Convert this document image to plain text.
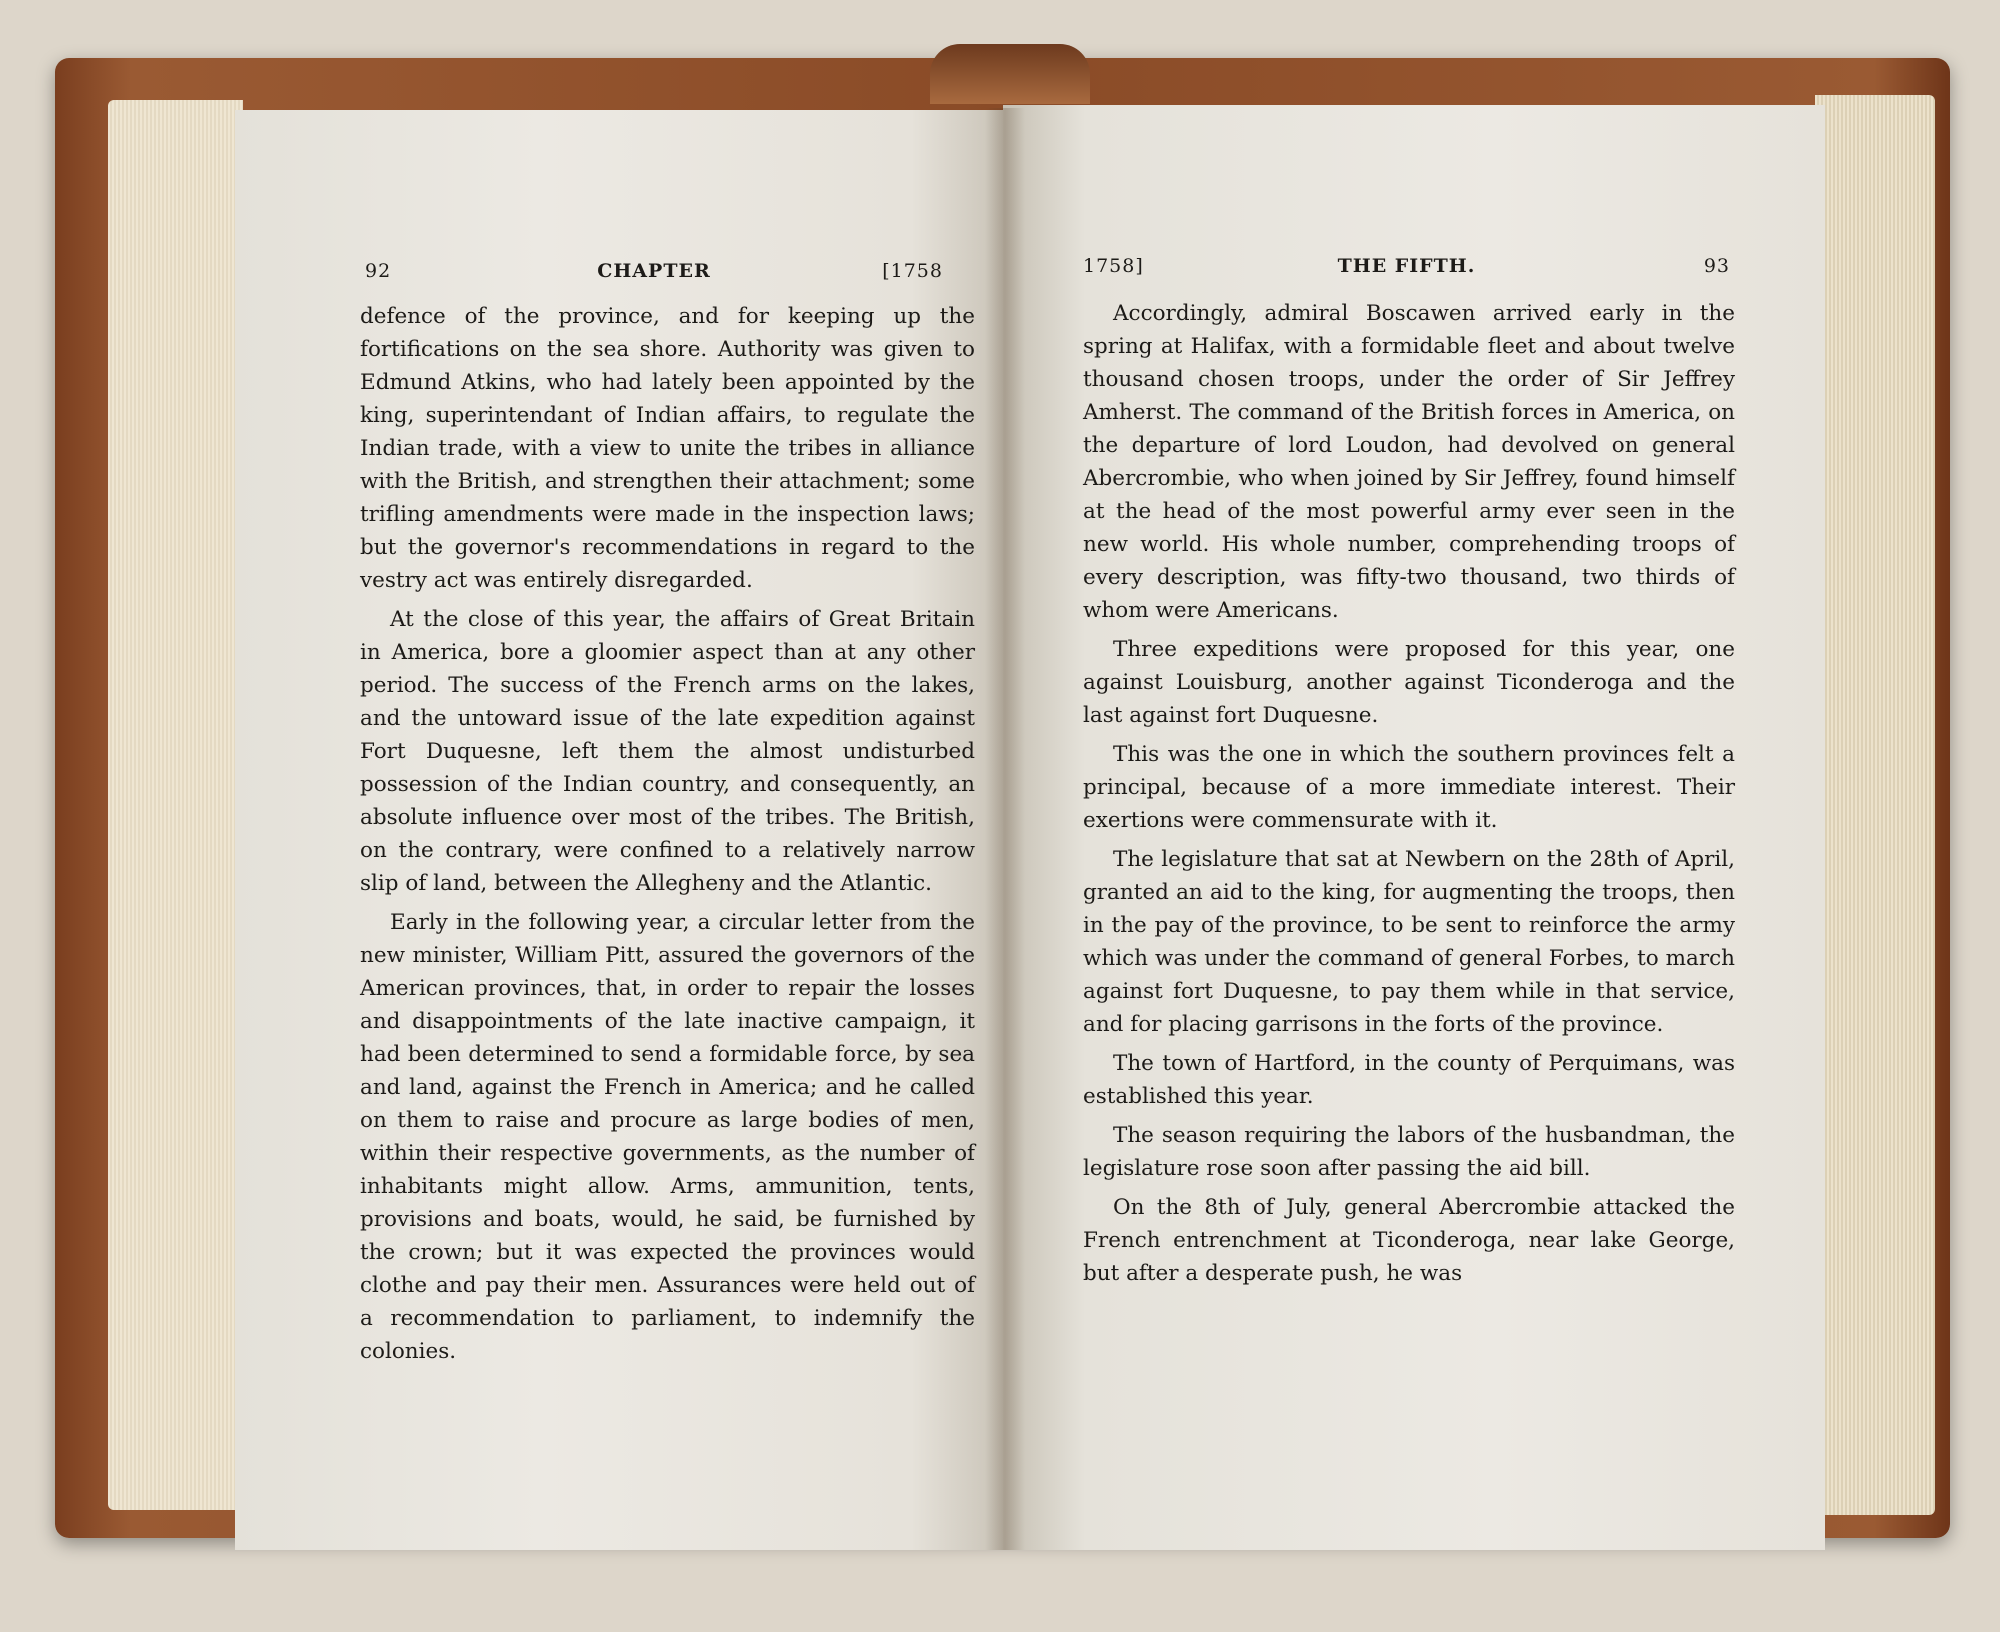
92	CHAPTER	[1758

defence of the province, and for keeping up the fortifications on the sea shore. Authority was given to Edmund Atkins, who had lately been appointed by the king, superintendant of Indian affairs, to regulate the Indian trade, with a view to unite the tribes in alliance with the British, and strengthen their attachment; some trifling amendments were made in the inspection laws; but the governor's recommendations in regard to the vestry act was entirely disregarded.

At the close of this year, the affairs of Great Britain in America, bore a gloomier aspect than at any other period. The success of the French arms on the lakes, and the untoward issue of the late expedition against Fort Duquesne, left them the almost undisturbed possession of the Indian country, and consequently, an absolute influence over most of the tribes. The British, on the contrary, were confined to a relatively narrow slip of land, between the Allegheny and the Atlantic.

Early in the following year, a circular letter from the new minister, William Pitt, assured the governors of the American provinces, that, in order to repair the losses and disappointments of the late inactive campaign, it had been determined to send a formidable force, by sea and land, against the French in America; and he called on them to raise and procure as large bodies of men, within their respective governments, as the number of inhabitants might allow. Arms, ammunition, tents, provisions and boats, would, he said, be furnished by the crown; but it was expected the provinces would clothe and pay their men. Assurances were held out of a recommendation to parliament, to indemnify the colonies.

1758]	THE FIFTH.	93

Accordingly, admiral Boscawen arrived early in the spring at Halifax, with a formidable fleet and about twelve thousand chosen troops, under the order of Sir Jeffrey Amherst. The command of the British forces in America, on the departure of lord Loudon, had devolved on general Abercrombie, who when joined by Sir Jeffrey, found himself at the head of the most powerful army ever seen in the new world. His whole number, comprehending troops of every description, was fifty-two thousand, two thirds of whom were Americans.

Three expeditions were proposed for this year, one against Louisburg, another against Ticonderoga and the last against fort Duquesne.

This was the one in which the southern provinces felt a principal, because of a more immediate interest. Their exertions were commensurate with it.

The legislature that sat at Newbern on the 28th of April, granted an aid to the king, for augmenting the troops, then in the pay of the province, to be sent to reinforce the army which was under the command of general Forbes, to march against fort Duquesne, to pay them while in that service, and for placing garrisons in the forts of the province.

The town of Hartford, in the county of Perquimans, was established this year.

The season requiring the labors of the husbandman, the legislature rose soon after passing the aid bill.

On the 8th of July, general Abercrombie attacked the French entrenchment at Ticonderoga, near lake George, but after a desperate push, he was
